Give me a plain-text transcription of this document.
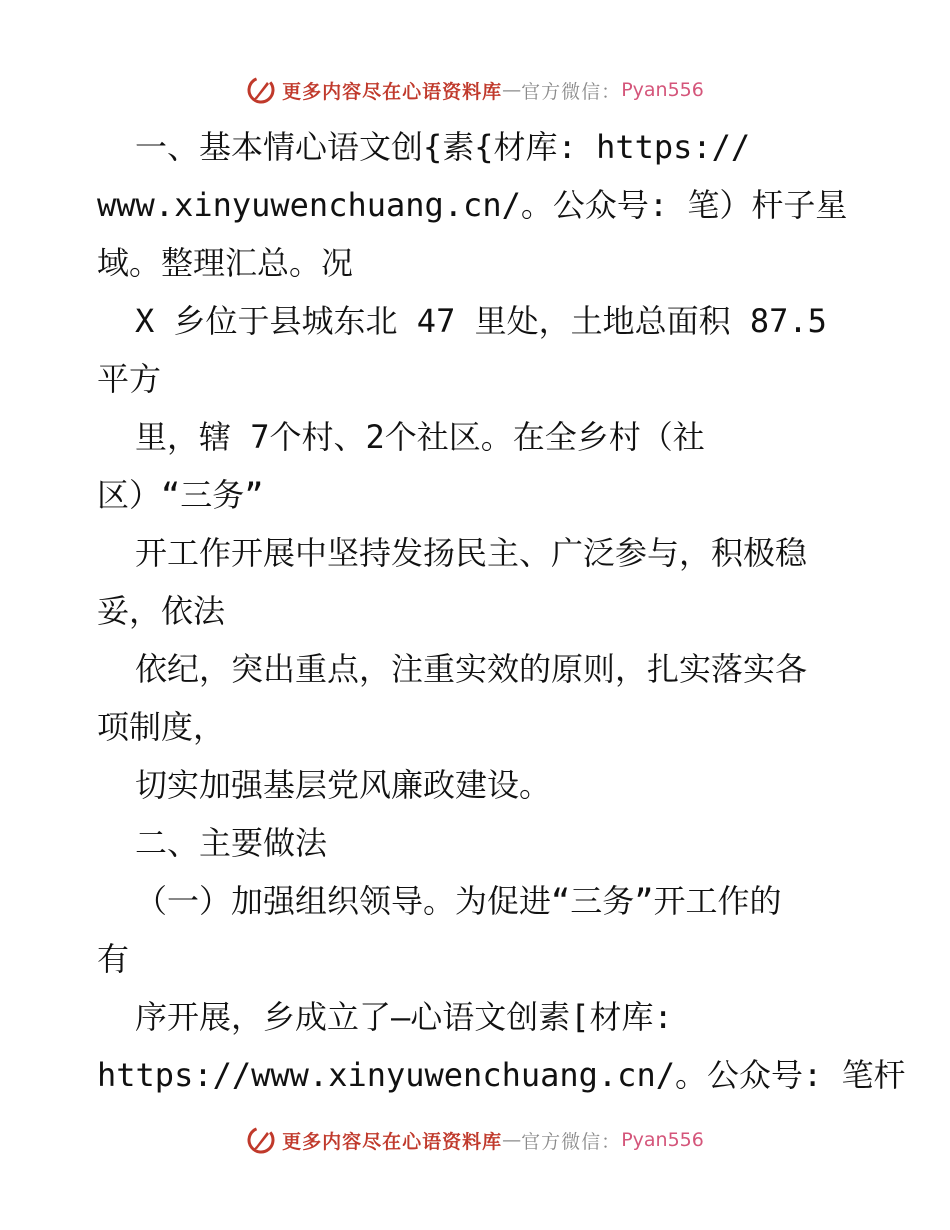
更多内容尽在心语资料库 — 官方微信： Pyan556
一、基本情心语文创{素{材库: https://
www.xinyuwenchuang.cn/。公众号: 笔）杆子星
域。整理汇总。况
X 乡位于县城东北 47 里处，土地总面积 87.5
平方
里，辖 7个村、2个社区。在全乡村（社
区）“三务”
开工作开展中坚持发扬民主、广泛参与，积极稳
妥，依法
依纪，突出重点，注重实效的原则，扎实落实各
项制度，
切实加强基层党风廉政建设。
二、主要做法
（一）加强组织领导。为促进“三务”开工作的
有
序开展，乡成立了—心语文创素[材库:
https://www.xinyuwenchuang.cn/。公众号: 笔杆
更多内容尽在心语资料库 — 官方微信： Pyan556
